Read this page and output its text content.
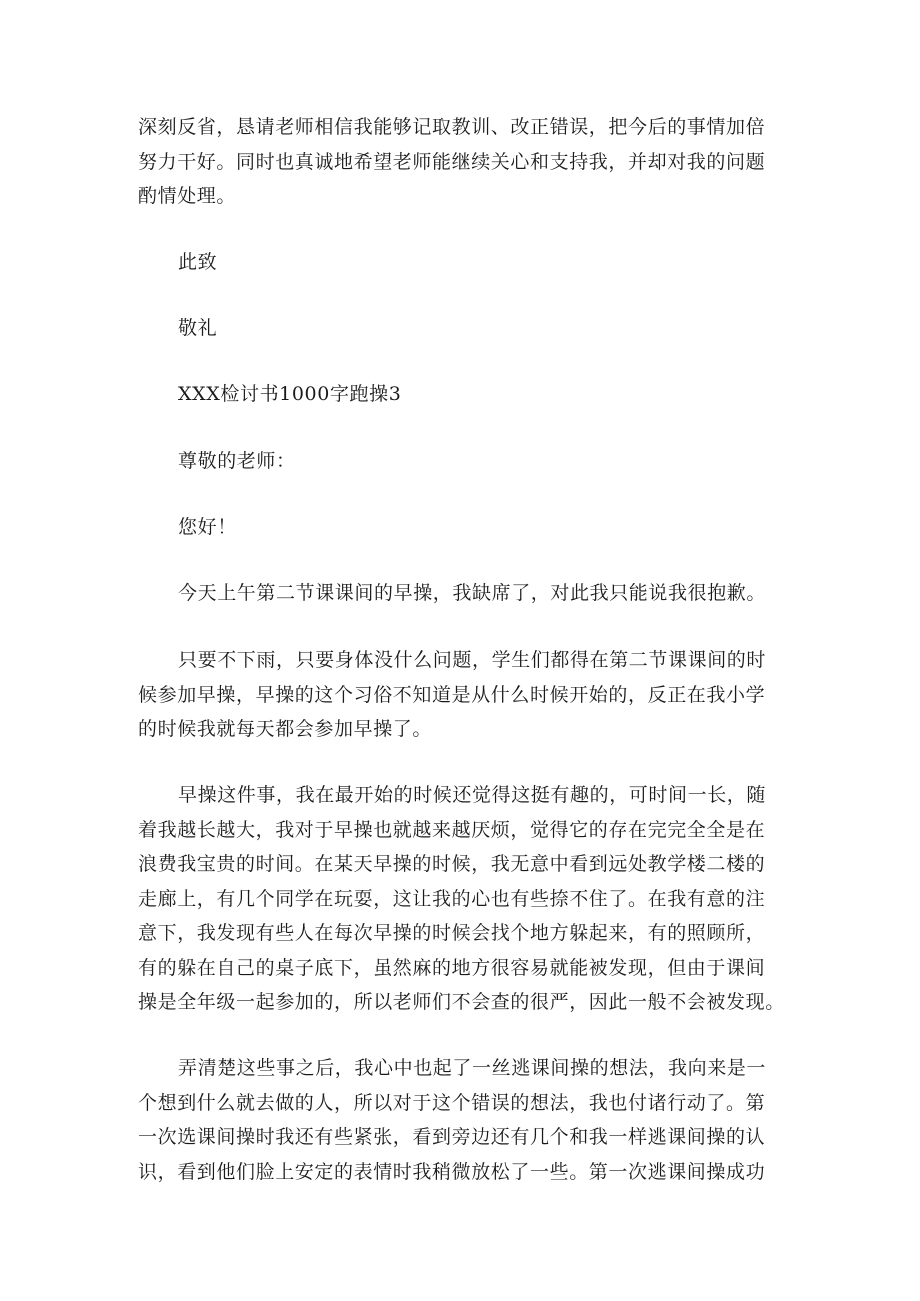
深刻反省，恳请老师相信我能够记取教训、改正错误，把今后的事情加倍
努力干好。同时也真诚地希望老师能继续关心和支持我，并却对我的问题
酌情处理。

此致

敬礼

XXX检讨书1000字跑操3

尊敬的老师：

您好！

今天上午第二节课课间的早操，我缺席了，对此我只能说我很抱歉。

只要不下雨，只要身体没什么问题，学生们都得在第二节课课间的时
候参加早操，早操的这个习俗不知道是从什么时候开始的，反正在我小学
的时候我就每天都会参加早操了。
早操这件事，我在最开始的时候还觉得这挺有趣的，可时间一长，随
着我越长越大，我对于早操也就越来越厌烦，觉得它的存在完完全全是在
浪费我宝贵的时间。在某天早操的时候，我无意中看到远处教学楼二楼的
走廊上，有几个同学在玩耍，这让我的心也有些捺不住了。在我有意的注
意下，我发现有些人在每次早操的时候会找个地方躲起来，有的照顾所，
有的躲在自己的桌子底下，虽然麻的地方很容易就能被发现，但由于课间
操是全年级一起参加的，所以老师们不会查的很严，因此一般不会被发现。
弄清楚这些事之后，我心中也起了一丝逃课间操的想法，我向来是一
个想到什么就去做的人，所以对于这个错误的想法，我也付诸行动了。第
一次选课间操时我还有些紧张，看到旁边还有几个和我一样逃课间操的认
识，看到他们脸上安定的表情时我稍微放松了一些。第一次逃课间操成功
